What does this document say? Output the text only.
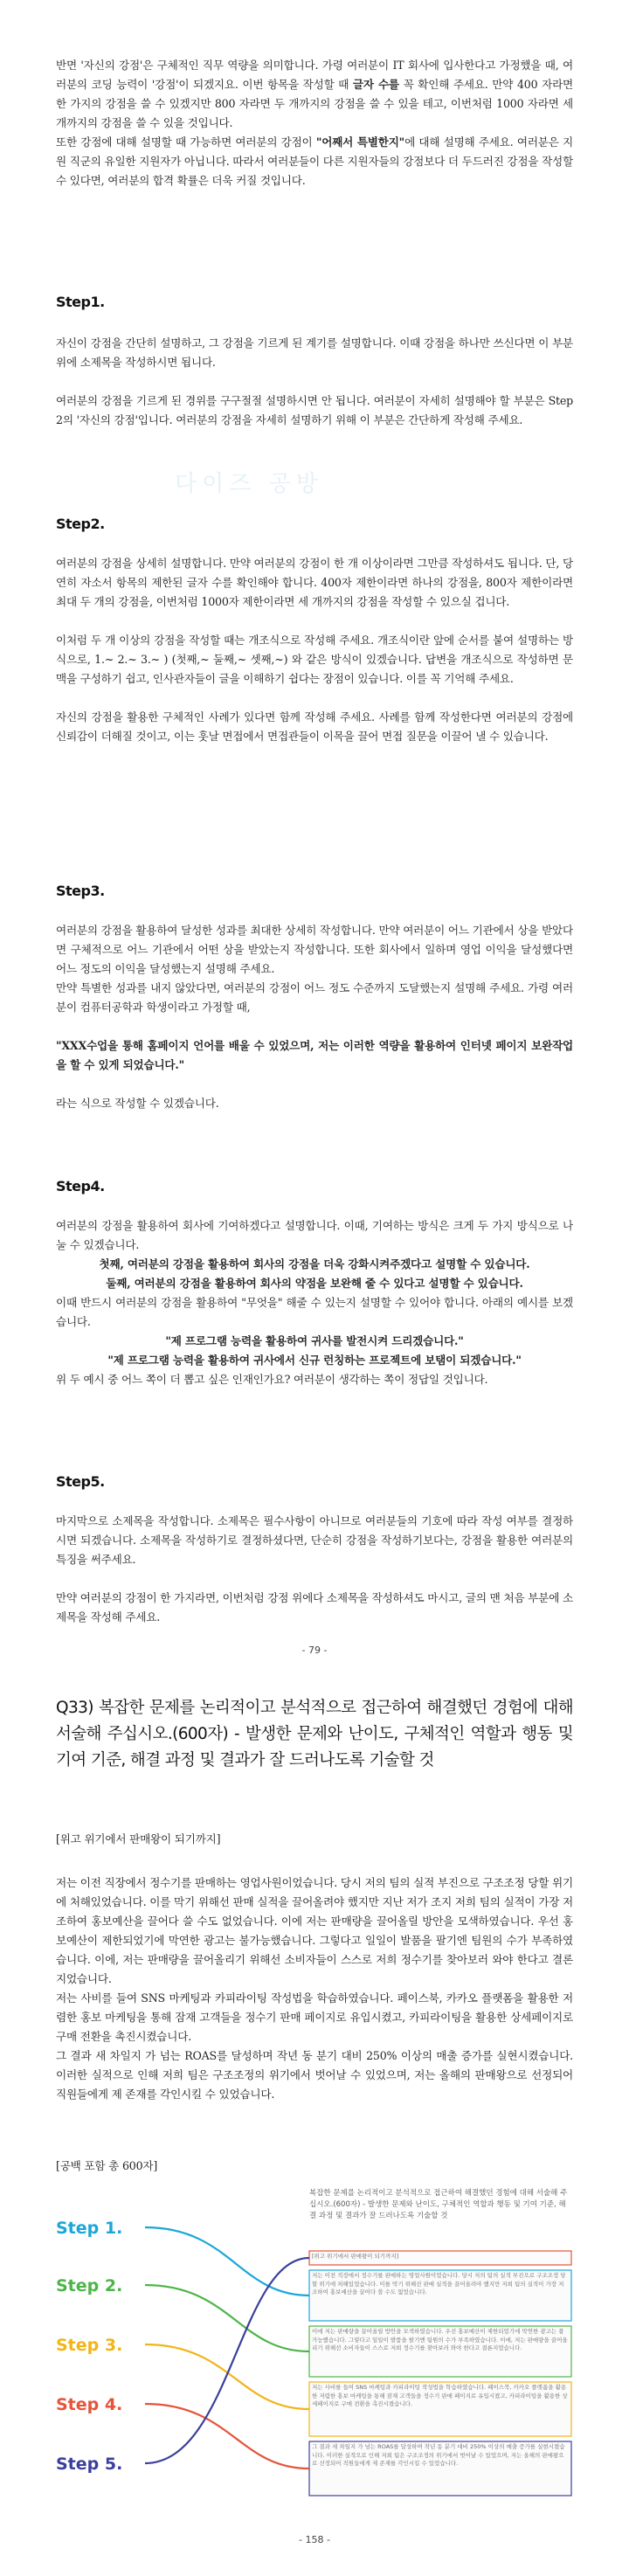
다이즈 공방

반면 '자신의 강점'은 구체적인 직무 역량을 의미합니다. 가령 여러분이 IT 회사에 입사한다고 가정했을 때, 여러분의 코딩 능력이 '강점'이 되겠지요. 이번 항목을 작성할 때 글자 수를 꼭 확인해 주세요. 만약 400 자라면 한 가지의 강점을 쓸 수 있겠지만 800 자라면 두 개까지의 강점을 쓸 수 있을 테고, 이번처럼 1000 자라면 세 개까지의 강점을 쓸 수 있을 것입니다.

또한 강점에 대해 설명할 때 가능하면 여러분의 강점이 "어째서 특별한지"에 대해 설명해 주세요. 여러분은 지원 직군의 유일한 지원자가 아닙니다. 따라서 여러분들이 다른 지원자들의 강점보다 더 두드러진 강점을 작성할 수 있다면, 여러분의 합격 확률은 더욱 커질 것입니다.

Step1.

자신이 강점을 간단히 설명하고, 그 강점을 기르게 된 계기를 설명합니다. 이때 강점을 하나만 쓰신다면 이 부분 위에 소제목을 작성하시면 됩니다.

여러분의 강점을 기르게 된 경위를 구구절절 설명하시면 안 됩니다. 여러분이 자세히 설명해야 할 부분은 Step 2의 '자신의 강점'입니다. 여러분의 강점을 자세히 설명하기 위해 이 부분은 간단하게 작성해 주세요.

Step2.

여러분의 강점을 상세히 설명합니다. 만약 여러분의 강점이 한 개 이상이라면 그만큼 작성하셔도 됩니다. 단, 당연히 자소서 항목의 제한된 글자 수를 확인해야 합니다. 400자 제한이라면 하나의 강점을, 800자 제한이라면 최대 두 개의 강점을, 이번처럼 1000자 제한이라면 세 개까지의 강점을 작성할 수 있으실 겁니다.

이처럼 두 개 이상의 강점을 작성할 때는 개조식으로 작성해 주세요. 개조식이란 앞에 순서를 붙여 설명하는 방식으로, 1.~ 2.~ 3.~ ) (첫째,~ 둘째,~ 셋째,~) 와 같은 방식이 있겠습니다. 답변을 개조식으로 작성하면 문맥을 구성하기 쉽고, 인사관자들이 글을 이해하기 쉽다는 장점이 있습니다. 이를 꼭 기억해 주세요.

자신의 강점을 활용한 구체적인 사례가 있다면 함께 작성해 주세요. 사례를 함께 작성한다면 여러분의 강점에 신뢰감이 더해질 것이고, 이는 훗날 면접에서 면접관들이 이목을 끌어 면접 질문을 이끌어 낼 수 있습니다.

Step3.

여러분의 강점을 활용하여 달성한 성과를 최대한 상세히 작성합니다. 만약 여러분이 어느 기관에서 상을 받았다면 구체적으로 어느 기관에서 어떤 상을 받았는지 작성합니다. 또한 회사에서 일하며 영업 이익을 달성했다면 어느 정도의 이익을 달성했는지 설명해 주세요.

만약 특별한 성과를 내지 않았다면, 여러분의 강점이 어느 정도 수준까지 도달했는지 설명해 주세요. 가령 여러분이 컴퓨터공학과 학생이라고 가정할 때,

"XXX수업을 통해 홈페이지 언어를 배울 수 있었으며, 저는 이러한 역량을 활용하여 인터넷 페이지 보완작업을 할 수 있게 되었습니다."

라는 식으로 작성할 수 있겠습니다.

Step4.

여러분의 강점을 활용하여 회사에 기여하겠다고 설명합니다. 이때, 기여하는 방식은 크게 두 가지 방식으로 나눌 수 있겠습니다.

첫째, 여러분의 강점을 활용하여 회사의 강점을 더욱 강화시켜주겠다고 설명할 수 있습니다.

둘째, 여러분의 강점을 활용하여 회사의 약점을 보완해 줄 수 있다고 설명할 수 있습니다.

이때 반드시 여러분의 강점을 활용하여 "무엇을" 해줄 수 있는지 설명할 수 있어야 합니다. 아래의 예시를 보겠습니다.

"제 프로그램 능력을 활용하여 귀사를 발전시켜 드리겠습니다."

"제 프로그램 능력을 활용하여 귀사에서 신규 런칭하는 프로젝트에 보탬이 되겠습니다."

위 두 예시 중 어느 쪽이 더 뽑고 싶은 인재인가요? 여러분이 생각하는 쪽이 정답일 것입니다.

Step5.

마지막으로 소제목을 작성합니다. 소제목은 필수사항이 아니므로 여러분들의 기호에 따라 작성 여부를 결정하시면 되겠습니다. 소제목을 작성하기로 결정하셨다면, 단순히 강점을 작성하기보다는, 강점을 활용한 여러분의 특징을 써주세요.

만약 여러분의 강점이 한 가지라면, 이번처럼 강점 위에다 소제목을 작성하셔도 마시고, 글의 맨 처음 부분에 소제목을 작성해 주세요.

- 79 -
Q33) 복잡한 문제를 논리적이고 분석적으로 접근하여 해결했던 경험에 대해 서술해 주십시오.(600자) - 발생한 문제와 난이도, 구체적인 역할과 행동 및 기여 기준, 해결 과정 및 결과가 잘 드러나도록 기술할 것

[위고 위기에서 판매왕이 되기까지]

저는 이전 직장에서 정수기를 판매하는 영업사원이었습니다. 당시 저의 팀의 실적 부진으로 구조조정 당할 위기에 처해있었습니다. 이를 막기 위해선 판매 실적을 끌어올려야 했지만 지난 저가 조지 저희 팀의 실적이 가장 저조하여 홍보예산을 끌어다 쓸 수도 없었습니다. 이에 저는 판매량을 끌어올릴 방안을 모색하였습니다. 우선 홍보예산이 제한되었기에 막연한 광고는 불가능했습니다. 그렇다고 일일이 발품을 팔기엔 팀원의 수가 부족하였습니다. 이에, 저는 판매량을 끌어올리기 위해선 소비자들이 스스로 저희 정수기를 찾아보러 와야 한다고 결론지었습니다.

저는 사비를 들여 SNS 마케팅과 카피라이팅 작성법을 학습하였습니다. 페이스북, 카카오 플랫폼을 활용한 저렴한 홍보 마케팅을 통해 잠재 고객들을 정수기 판매 페이지로 유입시켰고, 카피라이팅을 활용한 상세페이지로 구매 전환을 촉진시켰습니다.

그 결과 새 차일지 가 넘는 ROAS를 달성하며 작년 동 분기 대비 250% 이상의 매출 증가를 실현시켰습니다. 이러한 실적으로 인해 저희 팀은 구조조정의 위기에서 벗어날 수 있었으며, 저는 올해의 판매왕으로 선정되어 직원들에게 제 존재를 각인시킬 수 있었습니다.

[공백 포함 총 600자]

복잡한 문제를 논리적이고 분석적으로 접근하여 해결했던 경험에 대해 서술해 주십시오.(600자) - 발생한 문제와 난이도, 구체적인 역할과 행동 및 기여 기준, 해결 과정 및 결과가 잘 드러나도록 기술할 것
[위고 위기에서 판매왕이 되기까지]
저는 이전 직장에서 정수기를 판매하는 영업사원이었습니다. 당시 저의 팀의 실적 부진으로 구조조정 당할 위기에 처해있었습니다. 이를 막기 위해선 판매 실적을 끌어올려야 했지만 저희 팀의 실적이 가장 저조하여 홍보예산을 끌어다 쓸 수도 없었습니다.
이에 저는 판매량을 끌어올릴 방안을 모색하였습니다. 우선 홍보예산이 제한되었기에 막연한 광고는 불가능했습니다. 그렇다고 일일이 발품을 팔기엔 팀원의 수가 부족하였습니다. 이에, 저는 판매량을 끌어올리기 위해선 소비자들이 스스로 저희 정수기를 찾아보러 와야 한다고 결론지었습니다.
저는 사비를 들여 SNS 마케팅과 카피라이팅 작성법을 학습하였습니다. 페이스북, 카카오 플랫폼을 활용한 저렴한 홍보 마케팅을 통해 잠재 고객들을 정수기 판매 페이지로 유입시켰고, 카피라이팅을 활용한 상세페이지로 구매 전환을 촉진시켰습니다.
그 결과 새 차일지 가 넘는 ROAS를 달성하며 작년 동 분기 대비 250% 이상의 매출 증가를 실현시켰습니다. 이러한 실적으로 인해 저희 팀은 구조조정의 위기에서 벗어날 수 있었으며, 저는 올해의 판매왕으로 선정되어 직원들에게 제 존재를 각인시킬 수 있었습니다.
Step 1.
Step 2.
Step 3.
Step 4.
Step 5.
- 158 -
